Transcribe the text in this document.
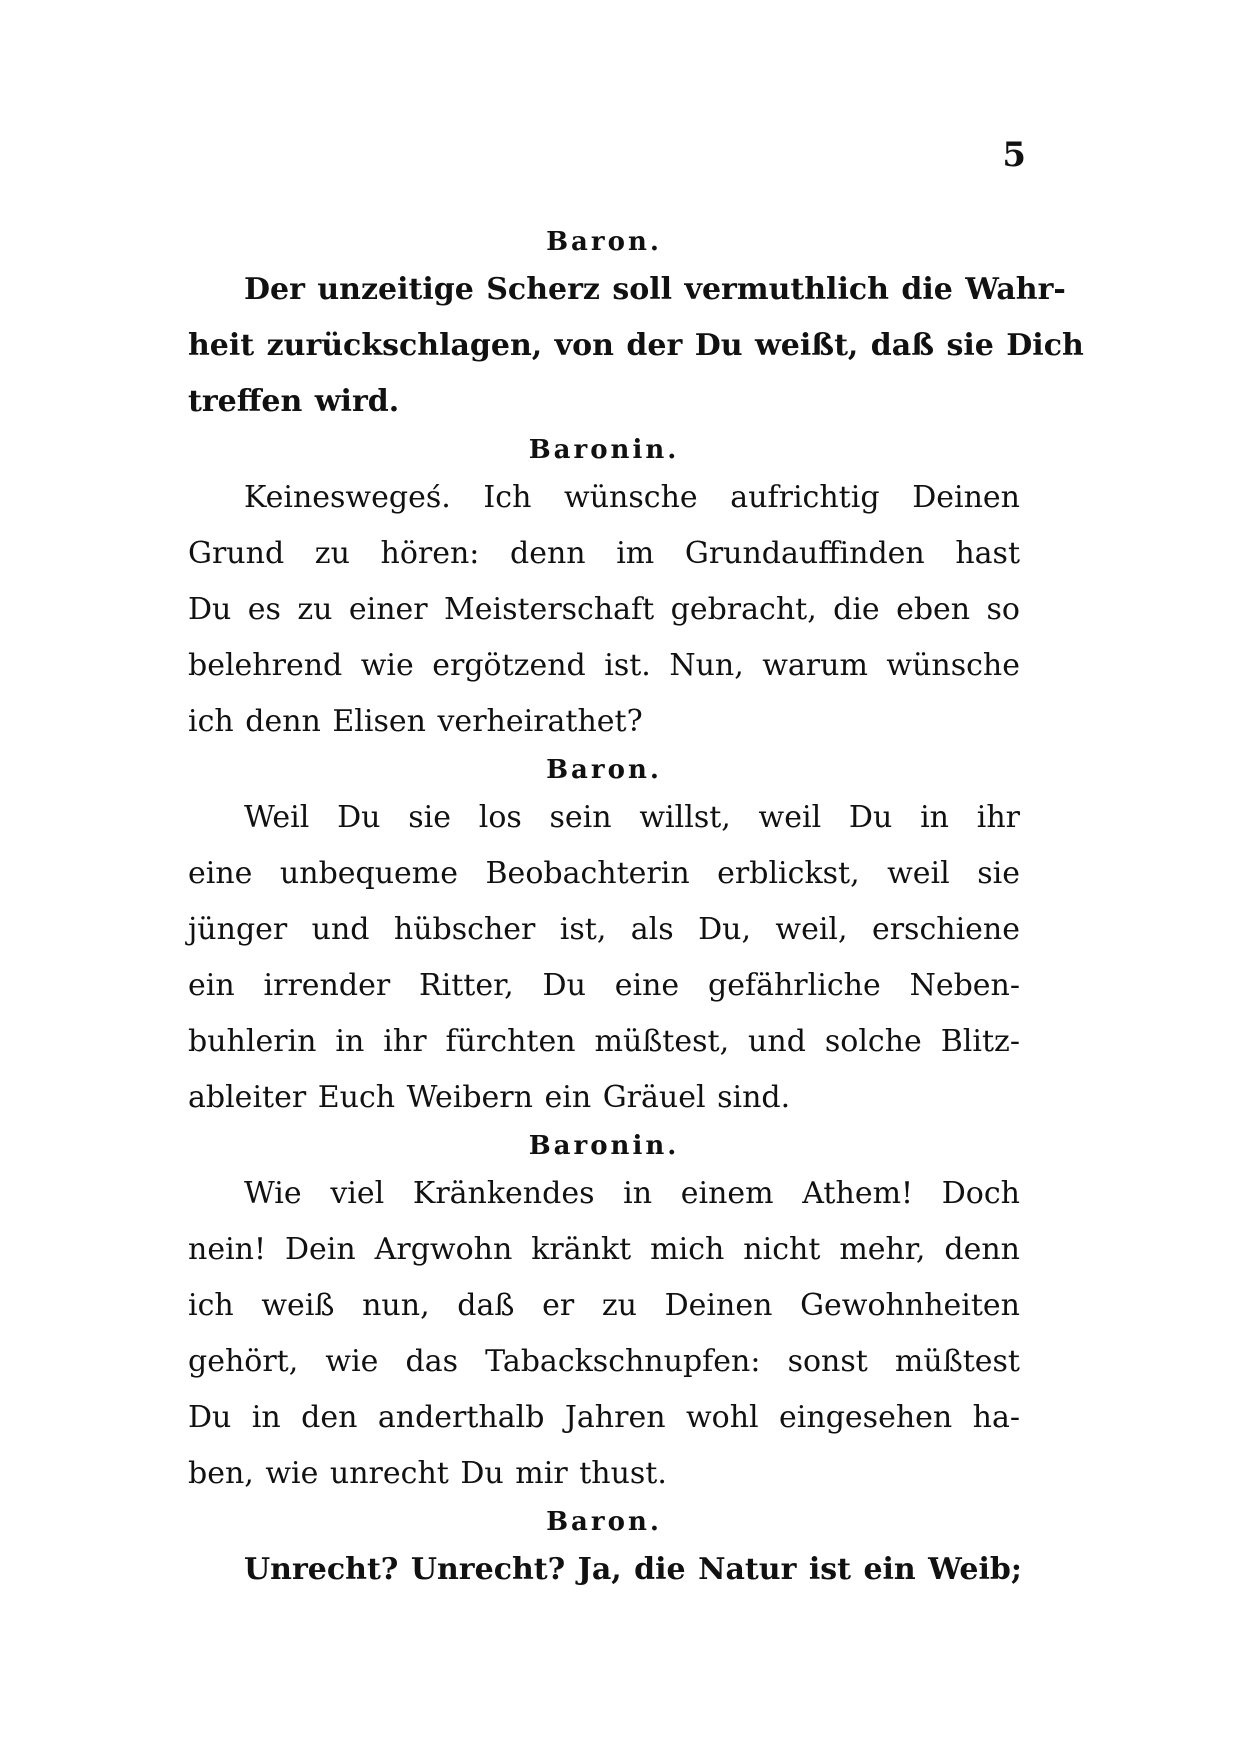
5
Baron.
Der unzeitige Scherz soll vermuthlich die Wahr-
heit zurückschlagen, von der Du weißt, daß sie Dich
treffen wird.
Baronin.
Keineswegeś. Ich wünsche aufrichtig Deinen
Grund zu hören: denn im Grundauffinden hast
Du es zu einer Meisterschaft gebracht, die eben so
belehrend wie ergötzend ist. Nun, warum wünsche
ich denn Elisen verheirathet?
Baron.
Weil Du sie los sein willst, weil Du in ihr
eine unbequeme Beobachterin erblickst, weil sie
jünger und hübscher ist, als Du, weil, erschiene
ein irrender Ritter, Du eine gefährliche Neben-
buhlerin in ihr fürchten müßtest, und solche Blitz-
ableiter Euch Weibern ein Gräuel sind.
Baronin.
Wie viel Kränkendes in einem Athem! Doch
nein! Dein Argwohn kränkt mich nicht mehr, denn
ich weiß nun, daß er zu Deinen Gewohnheiten
gehört, wie das Tabackschnupfen: sonst müßtest
Du in den anderthalb Jahren wohl eingesehen ha-
ben, wie unrecht Du mir thust.
Baron.
Unrecht? Unrecht? Ja, die Natur ist ein Weib;
